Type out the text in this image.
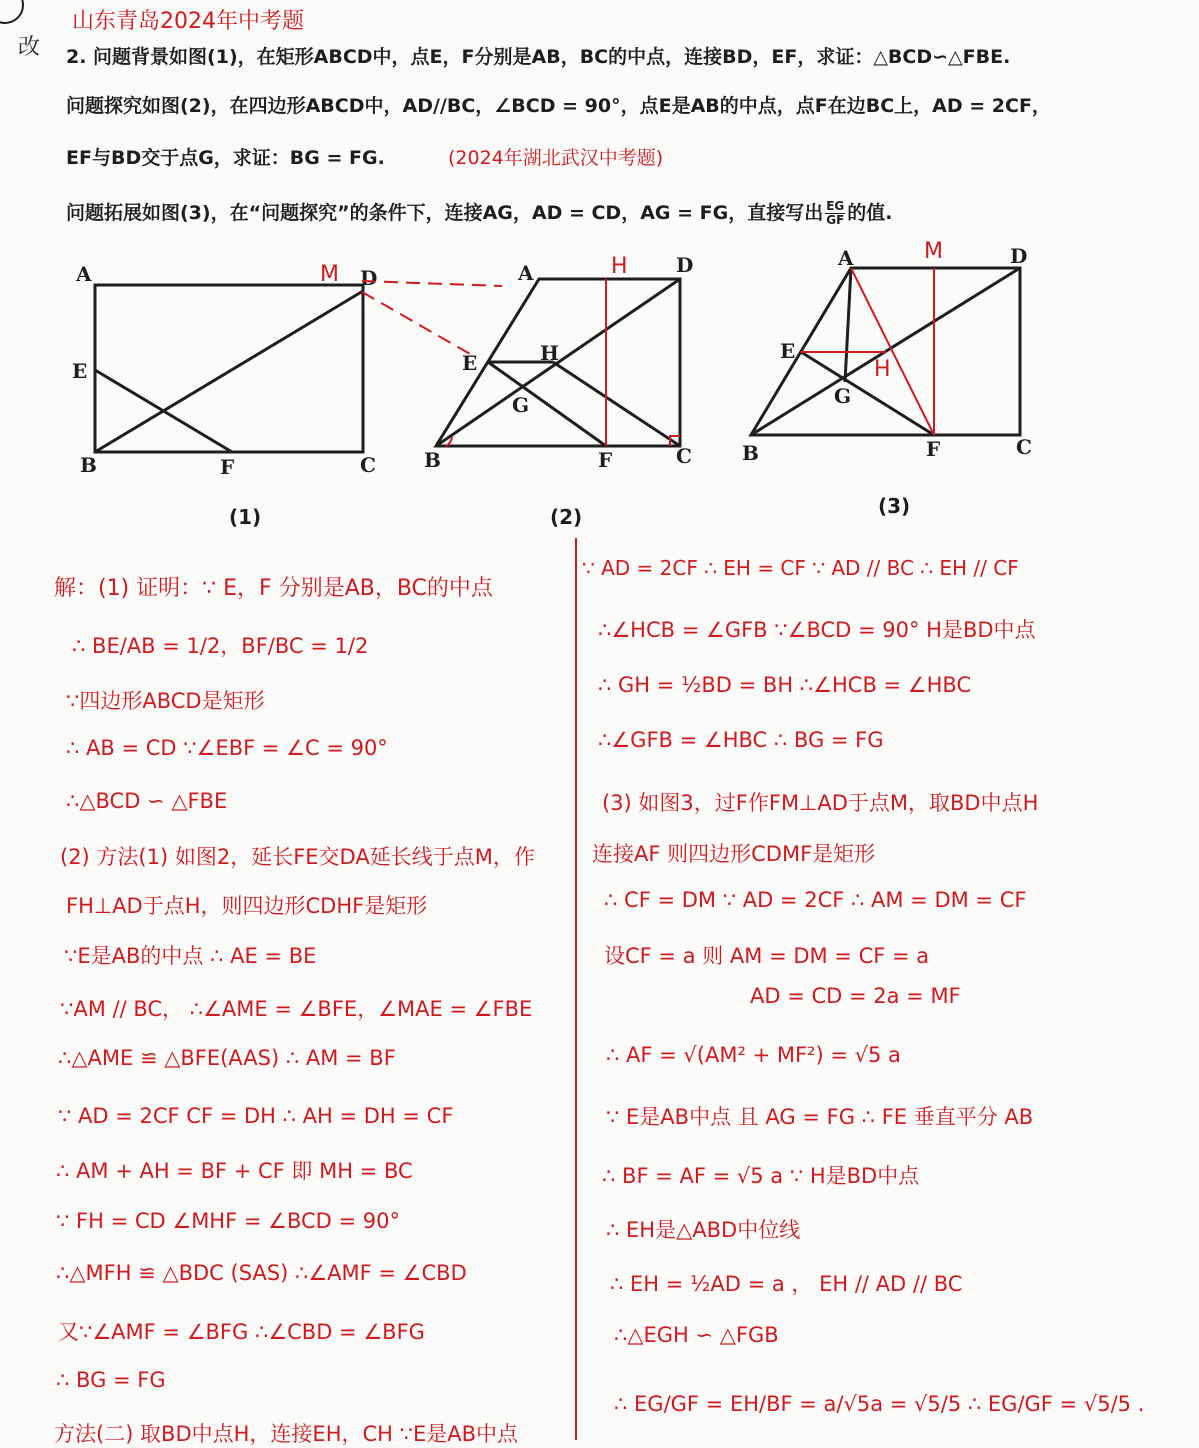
改
山东青岛2024年中考题
2. 问题背景如图(1)，在矩形ABCD中，点E，F分别是AB，BC的中点，连接BD，EF，求证：△BCD∽△FBE.
问题探究如图(2)，在四边形ABCD中，AD//BC，∠BCD = 90°，点E是AB的中点，点F在边BC上，AD = 2CF，
EF与BD交于点G，求证：BG = FG.	(2024年湖北武汉中考题)
问题拓展如图(3)，在“问题探究”的条件下，连接AG，AD = CD，AG = FG，直接写出 $\frac{EG}{GF}$ 的值.
A	D
E
B	F	C
M	A	D
E
G
H
B	F	C
H	A	D
E
G
B	F	C
M
H
(1)	(2)	(3)
解：(1) 证明：∵ E，F 分别是AB，BC的中点
∴ BE/AB = 1/2，BF/BC = 1/2
∵四边形ABCD是矩形
∴ AB = CD ∵∠EBF = ∠C = 90°
∴△BCD ∽ △FBE
(2) 方法(1) 如图2，延长FE交DA延长线于点M，作
FH⊥AD于点H，则四边形CDHF是矩形
∵E是AB的中点 ∴ AE = BE
∵AM // BC， ∴∠AME = ∠BFE，∠MAE = ∠FBE
∴△AME ≌ △BFE(AAS) ∴ AM = BF
∵ AD = 2CF CF = DH ∴ AH = DH = CF
∴ AM + AH = BF + CF 即 MH = BC
∵ FH = CD ∠MHF = ∠BCD = 90°
∴△MFH ≌ △BDC (SAS) ∴∠AMF = ∠CBD
又∵∠AMF = ∠BFG ∴∠CBD = ∠BFG
∴ BG = FG
方法(二) 取BD中点H，连接EH，CH ∵E是AB中点
∵ AD = 2CF ∴ EH = CF ∵ AD // BC ∴ EH // CF
∴∠HCB = ∠GFB ∵∠BCD = 90° H是BD中点
∴ GH = ½BD = BH ∴∠HCB = ∠HBC
∴∠GFB = ∠HBC ∴ BG = FG
(3) 如图3，过F作FM⊥AD于点M，取BD中点H
连接AF 则四边形CDMF是矩形
∴ CF = DM ∵ AD = 2CF ∴ AM = DM = CF
设CF = a 则 AM = DM = CF = a
AD = CD = 2a = MF
∴ AF = √(AM² + MF²) = √5 a
∵ E是AB中点 且 AG = FG ∴ FE 垂直平分 AB
∴ BF = AF = √5 a ∵ H是BD中点
∴ EH是△ABD中位线
∴ EH = ½AD = a ， EH // AD // BC
∴△EGH ∽ △FGB
∴ EG/GF = EH/BF = a/√5a = √5/5 ∴ EG/GF = √5/5 .
